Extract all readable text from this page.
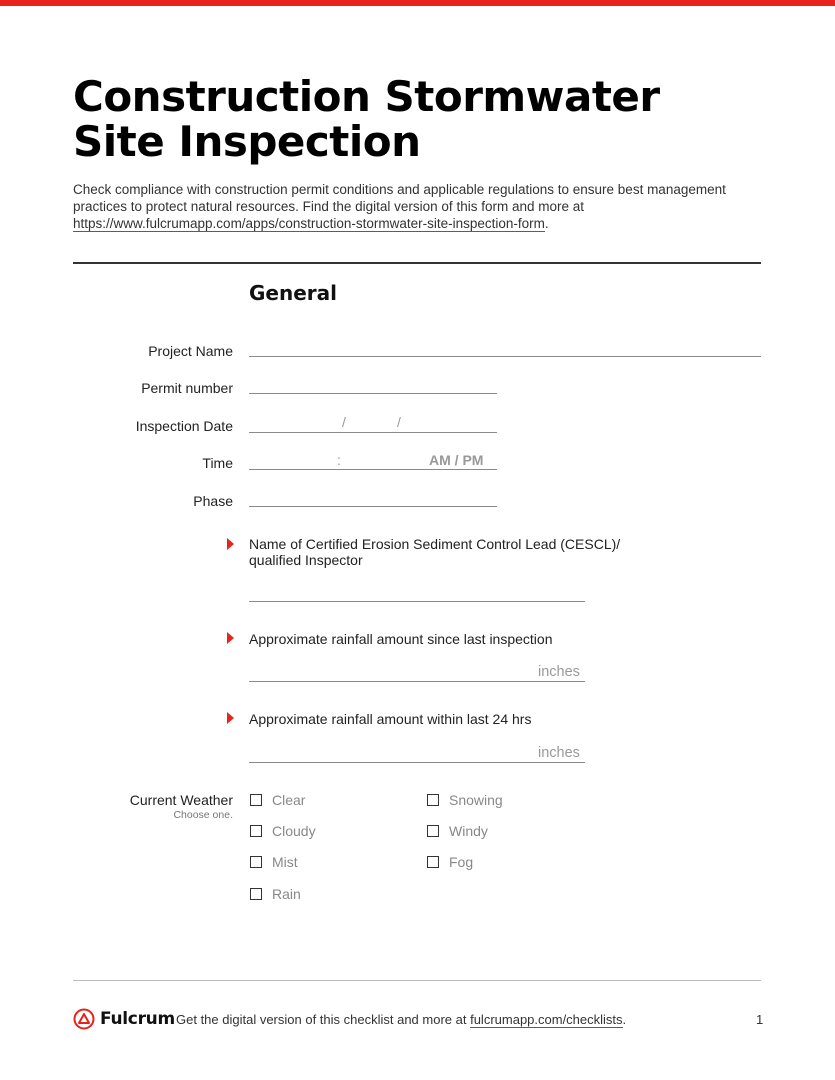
Construction Stormwater
Site Inspection
Check compliance with construction permit conditions and applicable regulations to ensure best management practices to protect natural resources. Find the digital version of this form and more at https://www.fulcrumapp.com/apps/construction-stormwater-site-inspection-form.
General
Project Name
Permit number
Inspection Date	/	/
Time	:	AM / PM
Phase
Name of Certified Erosion Sediment Control Lead (CESCL)/
qualified Inspector
Approximate rainfall amount since last inspection
inches
Approximate rainfall amount within last 24 hrs
inches
Current Weather
Choose one.
Clear
Cloudy
Mist
Rain
Snowing
Windy
Fog
Fulcrum Get the digital version of this checklist and more at fulcrumapp.com/checklists.	1
